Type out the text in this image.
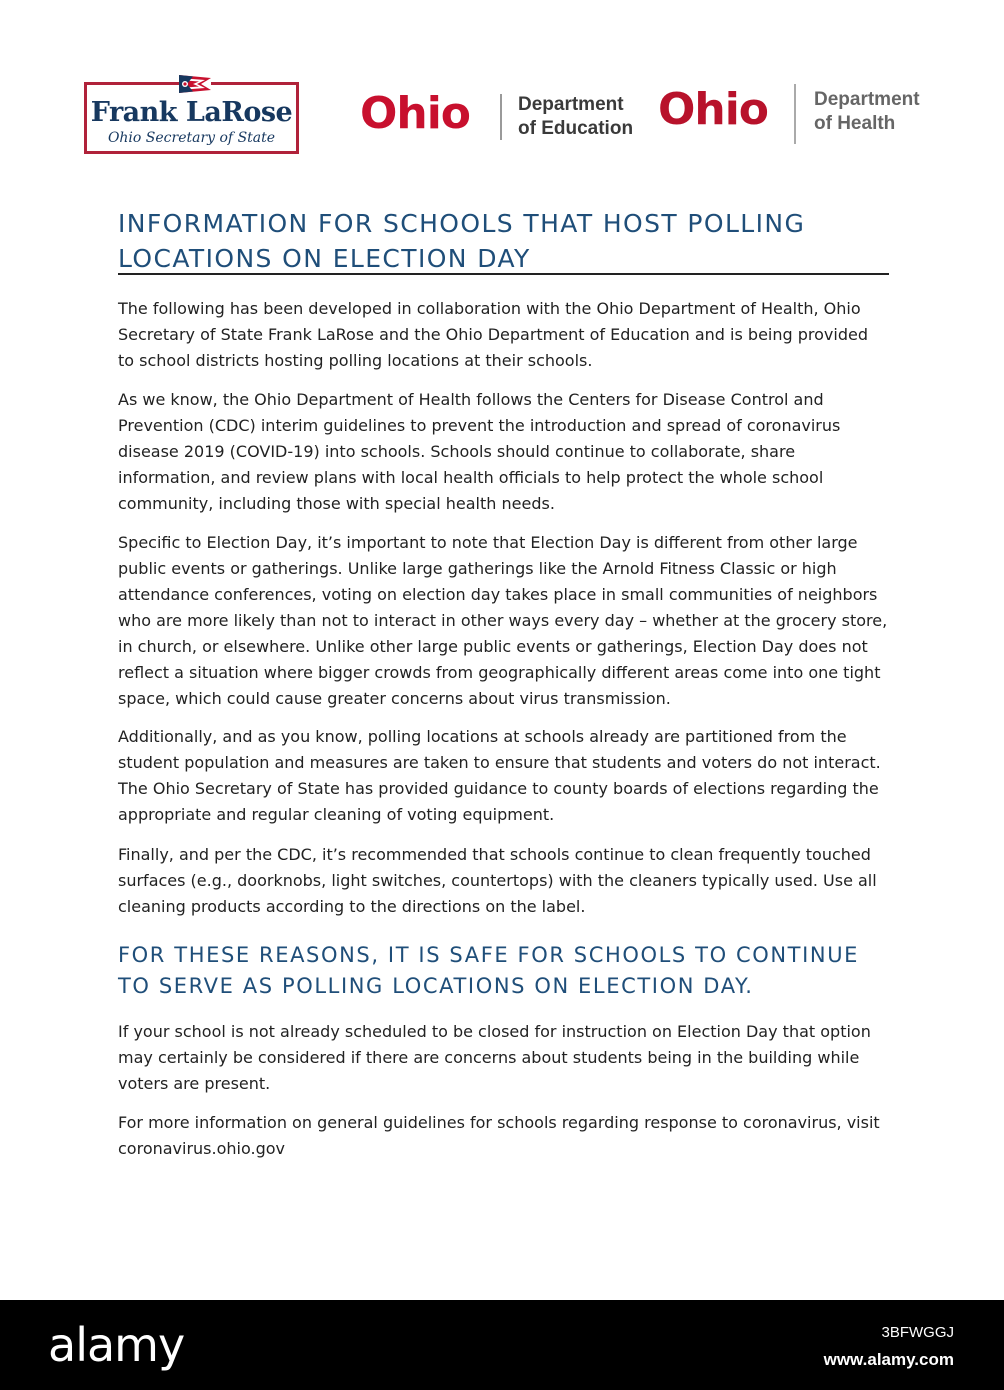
Frank LaRose
Ohio Secretary of State	Ohio	Department
of Education Ohio Department
of Health
INFORMATION FOR SCHOOLS THAT HOST POLLING LOCATIONS ON ELECTION DAY

The following has been developed in collaboration with the Ohio Department of Health, Ohio Secretary of State Frank LaRose and the Ohio Department of Education and is being provided to school districts hosting polling locations at their schools.

As we know, the Ohio Department of Health follows the Centers for Disease Control and Prevention (CDC) interim guidelines to prevent the introduction and spread of coronavirus disease 2019 (COVID-19) into schools. Schools should continue to collaborate, share information, and review plans with local health officials to help protect the whole school community, including those with special health needs.

Specific to Election Day, it’s important to note that Election Day is different from other large public events or gatherings. Unlike large gatherings like the Arnold Fitness Classic or high attendance conferences, voting on election day takes place in small communities of neighbors who are more likely than not to interact in other ways every day – whether at the grocery store, in church, or elsewhere. Unlike other large public events or gatherings, Election Day does not reflect a situation where bigger crowds from geographically different areas come into one tight space, which could cause greater concerns about virus transmission.

Additionally, and as you know, polling locations at schools already are partitioned from the student population and measures are taken to ensure that students and voters do not interact. The Ohio Secretary of State has provided guidance to county boards of elections regarding the appropriate and regular cleaning of voting equipment.

Finally, and per the CDC, it’s recommended that schools continue to clean frequently touched surfaces (e.g., doorknobs, light switches, countertops) with the cleaners typically used. Use all cleaning products according to the directions on the label.

FOR THESE REASONS, IT IS SAFE FOR SCHOOLS TO CONTINUE TO SERVE AS POLLING LOCATIONS ON ELECTION DAY.

If your school is not already scheduled to be closed for instruction on Election Day that option may certainly be considered if there are concerns about students being in the building while voters are present.

For more information on general guidelines for schools regarding response to coronavirus, visit coronavirus.ohio.gov

alamy	3BFWGGJ
www.alamy.com
